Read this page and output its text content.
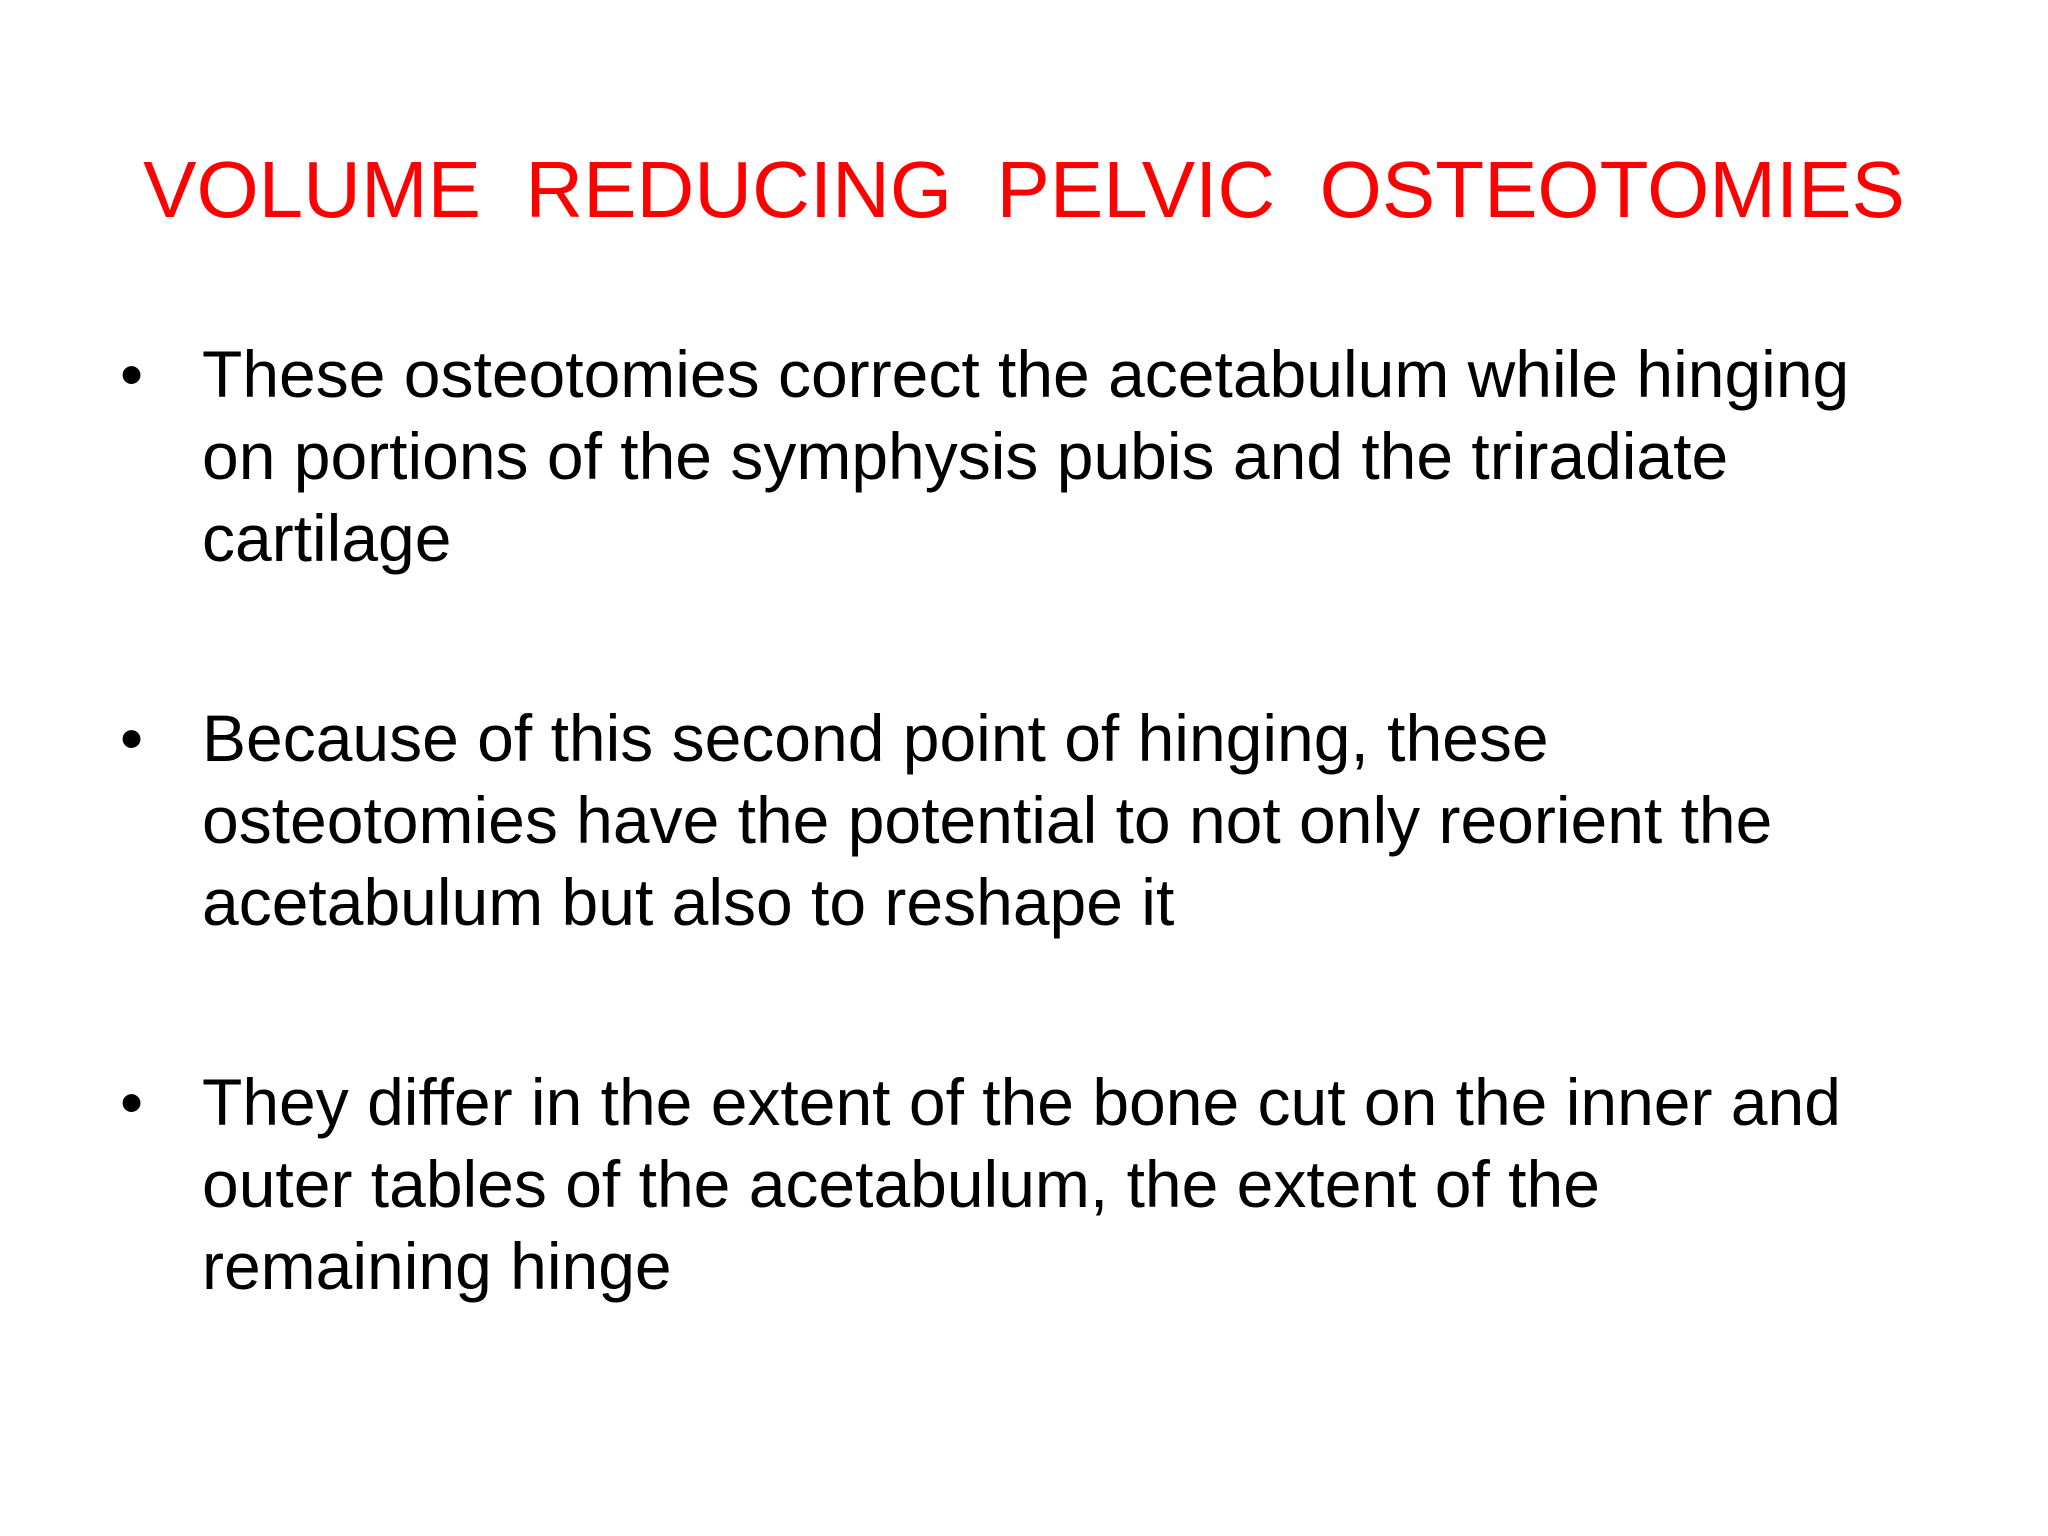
VOLUME  REDUCING  PELVIC  OSTEOTOMIES
• These osteotomies correct the acetabulum while hinging
on portions of the symphysis pubis and the triradiate
cartilage
• Because of this second point of hinging, these
osteotomies have the potential to not only reorient the
acetabulum but also to reshape it
• They differ in the extent of the bone cut on the inner and
outer tables of the acetabulum, the extent of the
remaining hinge
